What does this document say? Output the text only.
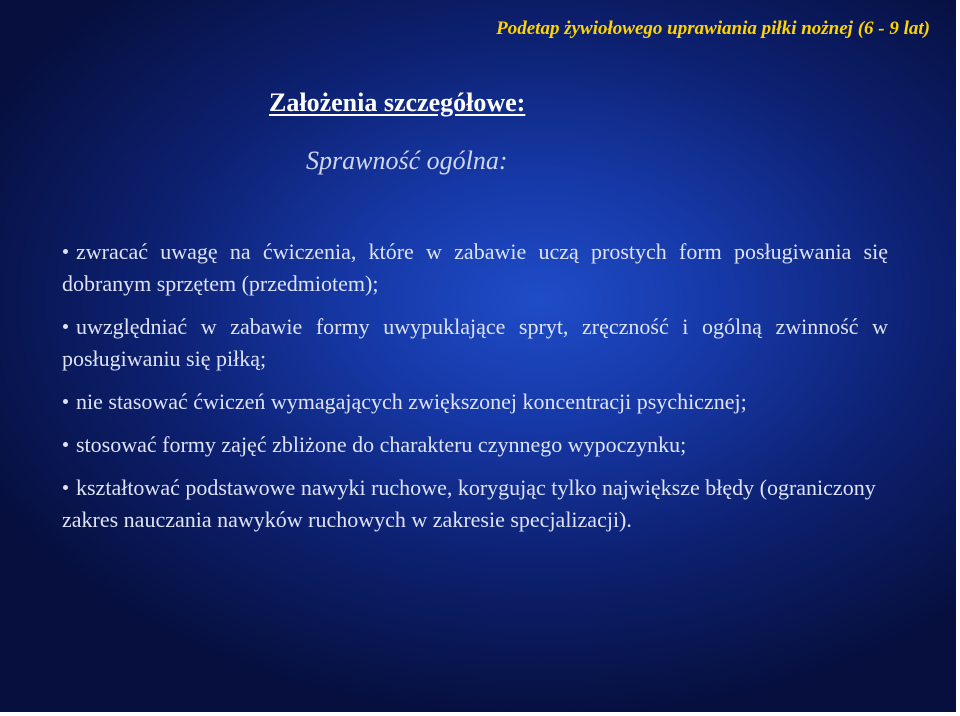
Podetap żywiołowego uprawiania piłki nożnej (6 - 9 lat)
Założenia szczegółowe:
Sprawność ogólna:
zwracać uwagę na ćwiczenia, które w zabawie uczą prostych form posługiwania się dobranym sprzętem (przedmiotem);
uwzględniać w zabawie formy uwypuklające spryt, zręczność i ogólną zwinność w posługiwaniu się piłką;
nie stasować ćwiczeń wymagających zwiększonej koncentracji psychicznej;
stosować formy zajęć zbliżone do charakteru czynnego wypoczynku;
kształtować podstawowe nawyki ruchowe, korygując tylko największe błędy (ograniczony zakres nauczania nawyków ruchowych w zakresie specjalizacji).
